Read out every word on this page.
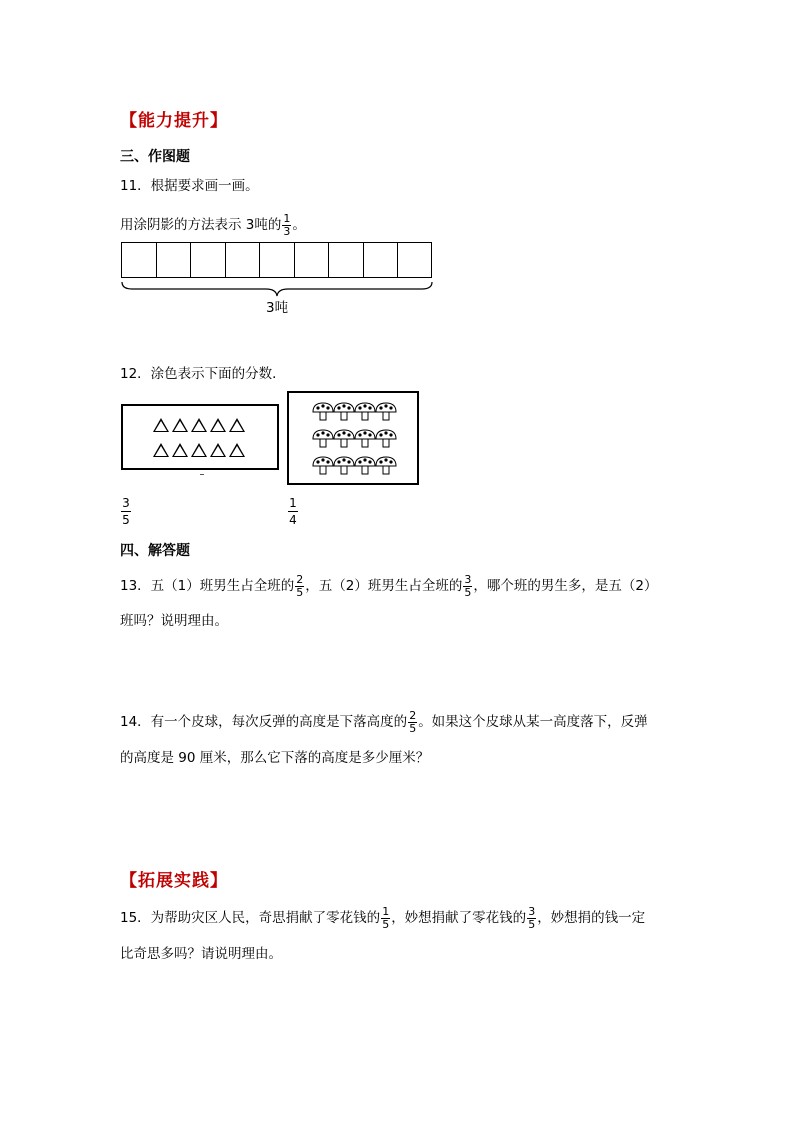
【能力提升】
三、作图题
11．根据要求画一画。
用涂阴影的方法表示 3吨的 $\frac{1}{3}$ 。
3吨
12．涂色表示下面的分数．
3
5
1
4
四、解答题
13．五（1）班男生占全班的 $\frac{2}{5}$ ，五（2）班男生占全班的 $\frac{3}{5}$ ，哪个班的男生多，是五（2）
班吗？说明理由。
14．有一个皮球，每次反弹的高度是下落高度的 $\frac{2}{5}$ 。如果这个皮球从某一高度落下，反弹
的高度是 90 厘米，那么它下落的高度是多少厘米？
【拓展实践】
15．为帮助灾区人民，奇思捐献了零花钱的 $\frac{1}{5}$ ，妙想捐献了零花钱的 $\frac{3}{5}$ ，妙想捐的钱一定
比奇思多吗？请说明理由。
